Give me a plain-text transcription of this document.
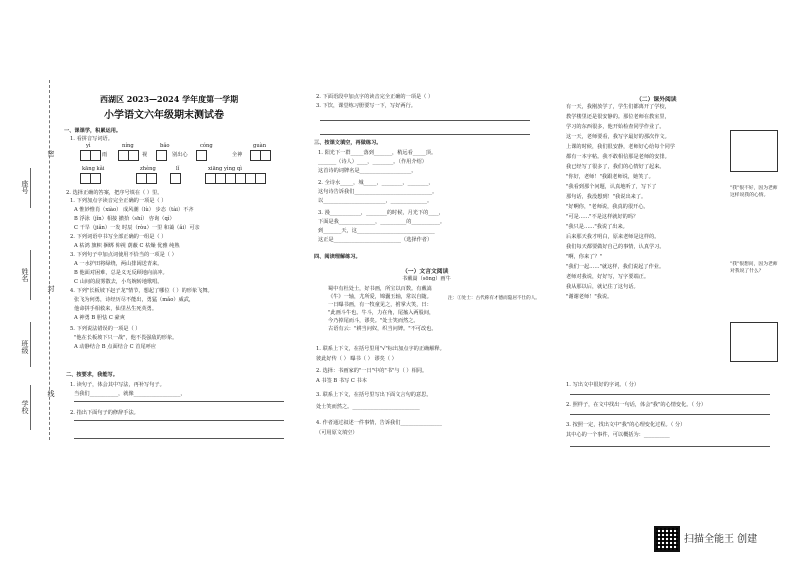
座号
姓名
班级
学校
密
封
线
西湖区 2023—2024 学年度第一学期
小学语文六年级期末测试卷
一、课课学，积累运用。
1. 看拼音写词语。
yì	níng	bǎo	cóng	guàn
雨	视	别出心	全神
kāng kǎi	zhèng	lǐ	xiāng yìng qì
2. 选择正确的答案，把序号填在（ ）里。
1. 下列加点字读音完全正确的一项是（ ）
A 惟妙惟肖（xiào） 成风潮（lù） 步态（tài）不齐
B 浮泳（jǐn）相接 撤拾（shí） 咨询（qì）
C 干旱（jiǎn）一发 时辰（ròu）一里 和蔼（ǎi）可亲
2. 下列词语中书写全部正确的一组是（ ）
A 枯鸿 旗帜 捆绑 仰视 荫蔽 C 枯燥 优雅 纯熟
3. 下列句子中加点词使用不恰当的一项是（ ）
A 一水护田将绿绕，两山排闼送青来。
B 他面对困难，总是义无反顾地向前冲。
C 山间的晨雾散去，小鸟婉转地歌唱。
4. 下列"长板坡下赵子龙"情节，想起了哪位（ ）的形象飞舞。
张飞为何勇，诗经历尽不能出，勇猛（mǎo）威武，
他命拼手相救来，仙里丛生死英勇。
A 神勇 B 胆怯 C 豪爽
5. 下列说法错误的一项是（ ）
"他在长板坡下只一战"，他不畏强敌的形象。
A 动静结合 B 点面结合 C 首尾呼应
二、按要求，我能写。
1. 读句子，体会其中写法，再补写句子。
当我们___________，就像__________________，
2. 指出下面句子的修辞手法。
2. 下面语段中加点字的读音完全正确的一项是（ ）
3. 下饮，课堂练习册要写一下，写好两行。
三、按课文填空，再做练习。
1. 阳光下一群_____落到_______，稍远看_____顶。
_______（诗人）____，________。（作用介绍）
这首诗的词牌名是____________________。
2. 全诗水_____，城_____，________，________，
这句诗告诉我们______________________________。
以________________________，______________。
3. 漫____________，________的时候，月光下的____，
下面是我______________，__________的___________。
到_______天，这______________________________
这正是__________________________（选择作者）
四、阅读理解练习。
（一）文言文阅读
书戴嵩（sōng）画牛
蜀中有杜处士，好书画，所宝以百数。有戴嵩
《牛》一轴，尤所爱，锦囊玉轴，常以自随。
一日曝书画，有一牧童见之，拊掌大笑，曰：
"此画斗牛也。牛斗，力在角，尾搐入两股间，
今乃掉尾而斗，谬矣。"处士笑而然之。
古语有云："耕当问奴，织当问婢。"不可改也。
注：①处士：古代称有才德而隐居不仕的人。
1. 联系上下文，在括号里用"√"标出加点字的正确解释。
彼此好传（ ） 曝书（ ） 谬矣（ ）
2. 选择：书画家的"一日"中的"书"与（ ）相同。
A 书签 B 书写 C 书本
3. 联系上下文，在括号里写出下面文言句的意思。
处士笑而然之。__________________________
4. 作者通过叙述一件事情，告诉我们________________
（可用原文填空）
（二）课外阅读
有一天，我刚放学了，学生们都离开了学校，
教学楼里还是很安静的。那位老师在教室里，
学习的东西很多，他开始检查同学作业了。
这一天，老师要看，我写字最好的那次作文。
上课的时候，我们很安静，老师好心给每个同学
都有一本字帖。我不敢相信那是老师的安排。
我已经写了很多了，我们的心情好了起来。
"你好，老师！"我跟老师说，她笑了。
"我看到那个问题，认真地听了，写下了
那句话，我没想到！"我说出来了。
"好啊你，"老师说，我真的很开心。
"可是……"不是这样就好的吗？
"我只是……"我说了出来。
后来那天我才明白，原来老师是这样的。
我们每天都要做好自己的事情，认真学习。
"啊，你来了？"
"我们一起……"就这样，我们说起了作业。
老师对我说，好好写，写字要端正。
我从那以后，就记住了这句话。
"谢谢老师！"我说。
"我"很不好，因为老师这样说我的心情。
"我"很想问，因为老师对我说了什么？
1. 写出文中很好的字词。（ 分）
2. 照样子，在文中找出一句话，体会"我"的心情变化。（ 分）
3. 按照一定，找出文中"我"的心理变化过程。（ 分）
其中心的一个事件，可以概括为：__________
扫描全能王 创建
